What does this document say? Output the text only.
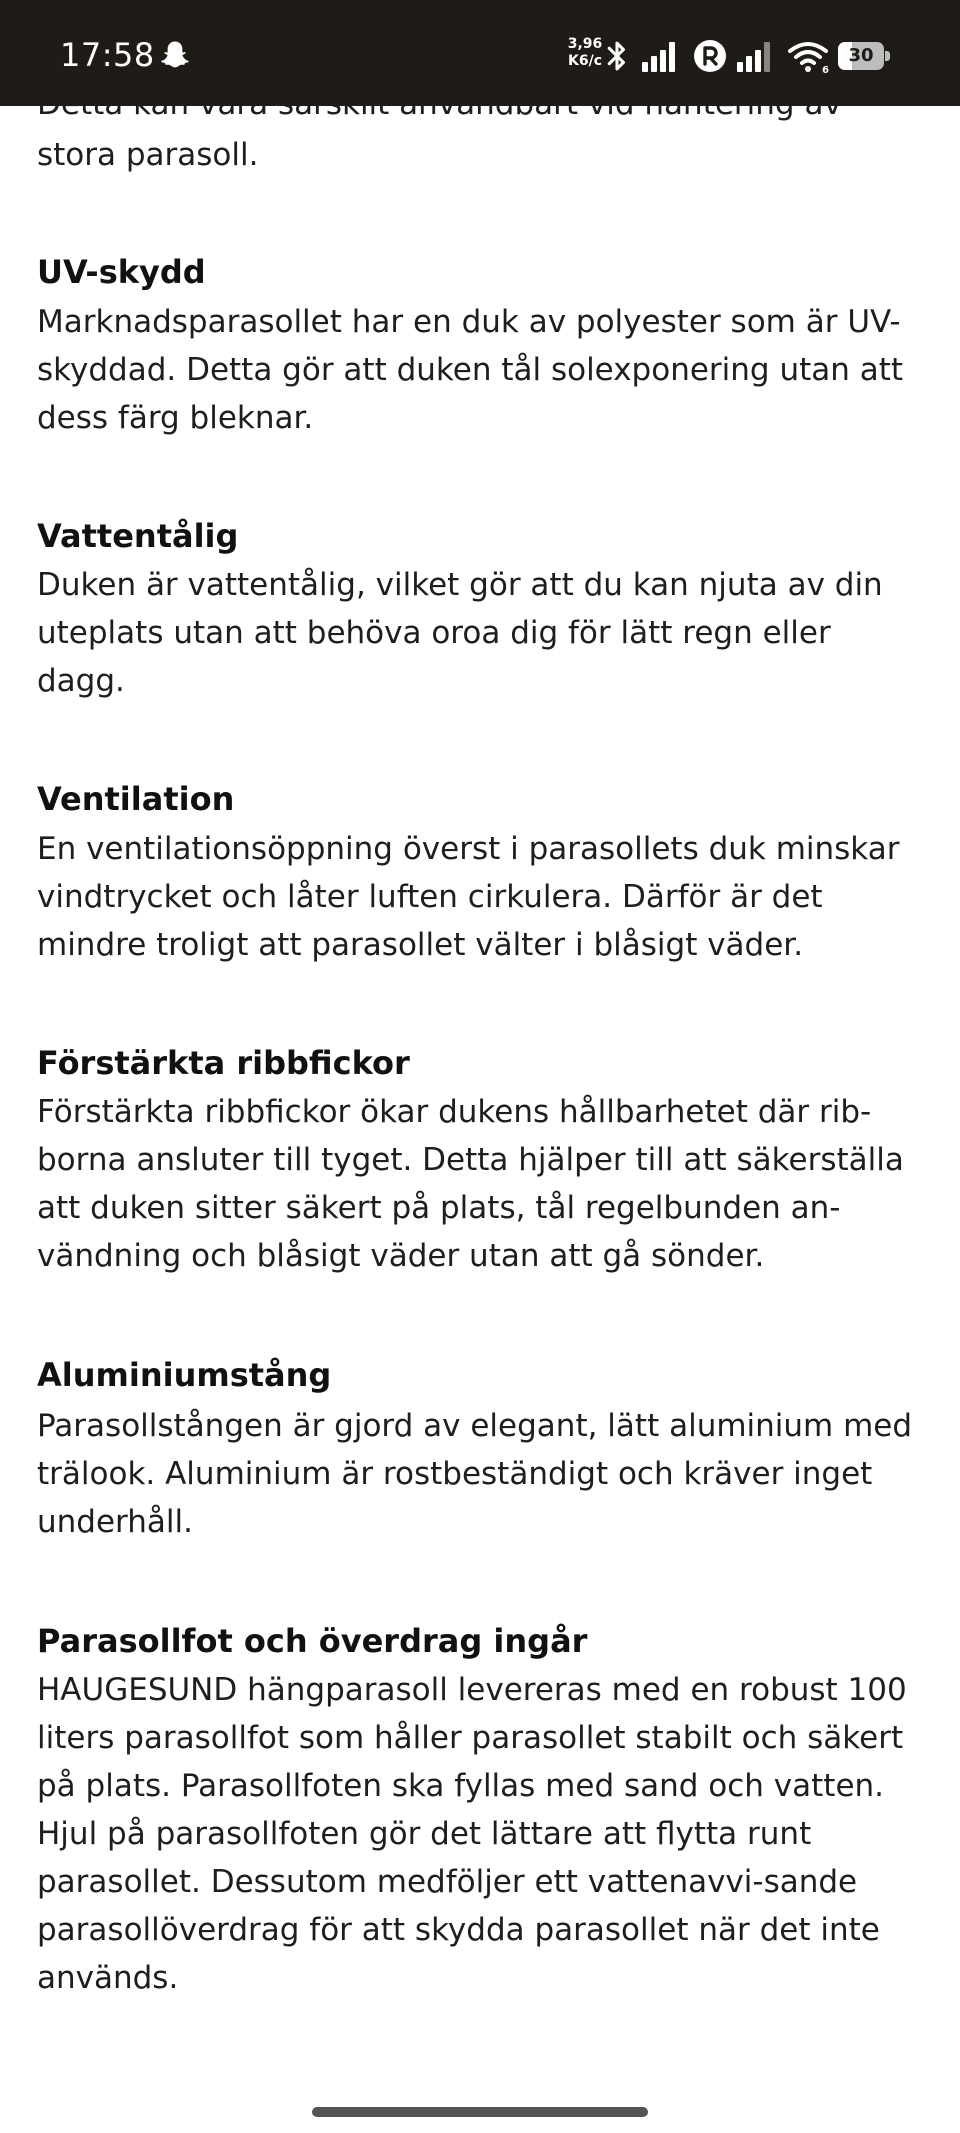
17:58	3,96
K6/c
6
30

stora parasoll.

UV-skydd

Marknadsparasollet har en duk av polyester som är UV-skyddad. Detta gör att duken tål solexponering utan att dess färg bleknar.

Vattentålig

Duken är vattentålig, vilket gör att du kan njuta av din uteplats utan att behöva oroa dig för lätt regn eller dagg.

Ventilation

En ventilationsöppning överst i parasollets duk minskar vindtrycket och låter luften cirkulera. Därför är det mindre troligt att parasollet välter i blåsigt väder.

Förstärkta ribbfickor

Förstärkta ribbfickor ökar dukens hållbarhetet där rib-borna ansluter till tyget. Detta hjälper till att säkerställa att duken sitter säkert på plats, tål regelbunden an-vändning och blåsigt väder utan att gå sönder.

Aluminiumstång

Parasollstången är gjord av elegant, lätt aluminium med trälook. Aluminium är rostbeständigt och kräver inget underhåll.

Parasollfot och överdrag ingår

HAUGESUND hängparasoll levereras med en robust 100 liters parasollfot som håller parasollet stabilt och säkert på plats. Parasollfoten ska fyllas med sand och vatten. Hjul på parasollfoten gör det lättare att flytta runt parasollet. Dessutom medföljer ett vattenavvi-sande parasollöverdrag för att skydda parasollet när det inte används.
